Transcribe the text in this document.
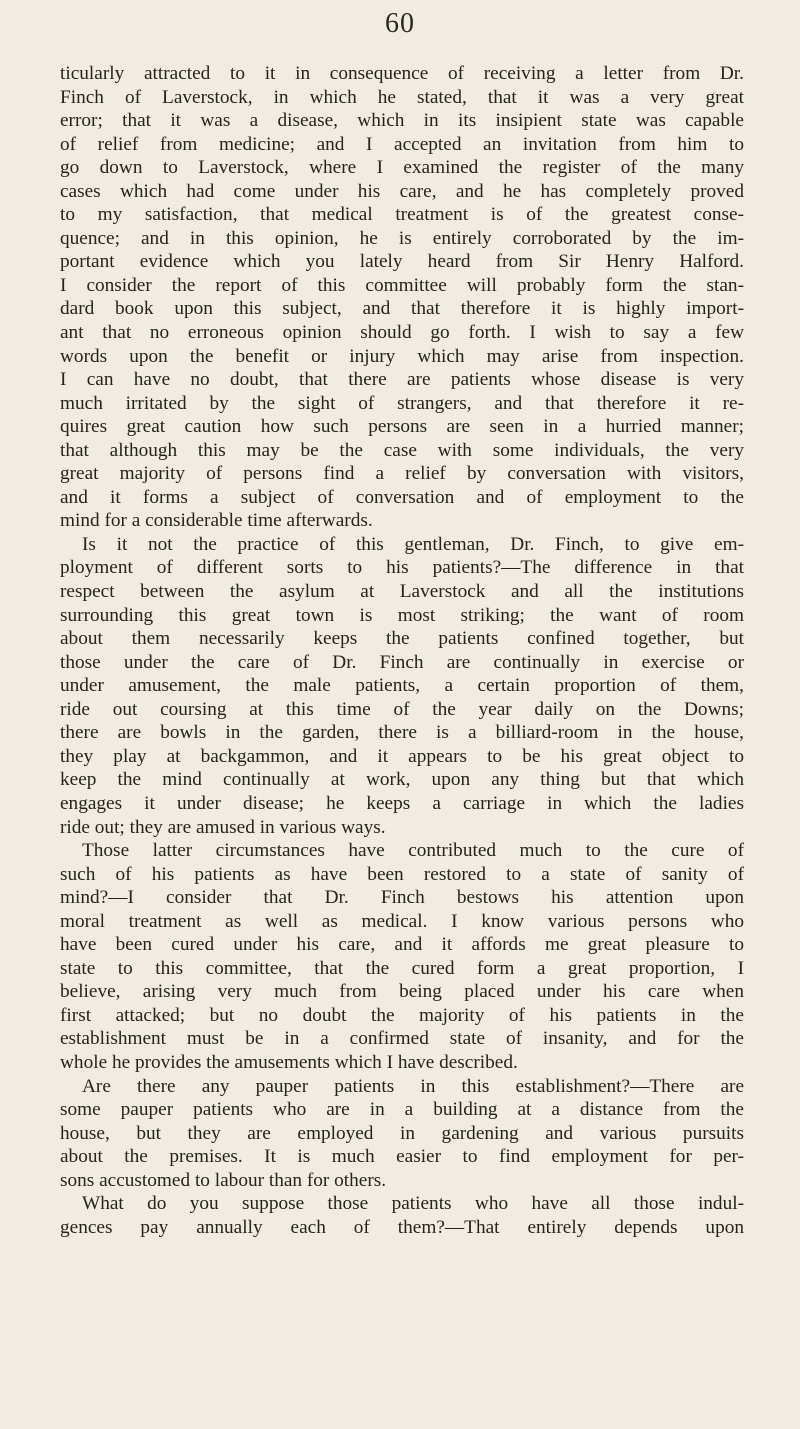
60
ticularly attracted to it in consequence of receiving a letter from Dr.
Finch of Laverstock, in which he stated, that it was a very great
error; that it was a disease, which in its insipient state was capable
of relief from medicine; and I accepted an invitation from him to
go down to Laverstock, where I examined the register of the many
cases which had come under his care, and he has completely proved
to my satisfaction, that medical treatment is of the greatest conse-
quence; and in this opinion, he is entirely corroborated by the im-
portant evidence which you lately heard from Sir Henry Halford.
I consider the report of this committee will probably form the stan-
dard book upon this subject, and that therefore it is highly import-
ant that no erroneous opinion should go forth. I wish to say a few
words upon the benefit or injury which may arise from inspection.
I can have no doubt, that there are patients whose disease is very
much irritated by the sight of strangers, and that therefore it re-
quires great caution how such persons are seen in a hurried manner;
that although this may be the case with some individuals, the very
great majority of persons find a relief by conversation with visitors,
and it forms a subject of conversation and of employment to the
mind for a considerable time afterwards.
Is it not the practice of this gentleman, Dr. Finch, to give em-
ployment of different sorts to his patients?—The difference in that
respect between the asylum at Laverstock and all the institutions
surrounding this great town is most striking; the want of room
about them necessarily keeps the patients confined together, but
those under the care of Dr. Finch are continually in exercise or
under amusement, the male patients, a certain proportion of them,
ride out coursing at this time of the year daily on the Downs;
there are bowls in the garden, there is a billiard-room in the house,
they play at backgammon, and it appears to be his great object to
keep the mind continually at work, upon any thing but that which
engages it under disease; he keeps a carriage in which the ladies
ride out; they are amused in various ways.
Those latter circumstances have contributed much to the cure of
such of his patients as have been restored to a state of sanity of
mind?—I consider that Dr. Finch bestows his attention upon
moral treatment as well as medical. I know various persons who
have been cured under his care, and it affords me great pleasure to
state to this committee, that the cured form a great proportion, I
believe, arising very much from being placed under his care when
first attacked; but no doubt the majority of his patients in the
establishment must be in a confirmed state of insanity, and for the
whole he provides the amusements which I have described.
Are there any pauper patients in this establishment?—There are
some pauper patients who are in a building at a distance from the
house, but they are employed in gardening and various pursuits
about the premises. It is much easier to find employment for per-
sons accustomed to labour than for others.
What do you suppose those patients who have all those indul-
gences pay annually each of them?—That entirely depends upon
